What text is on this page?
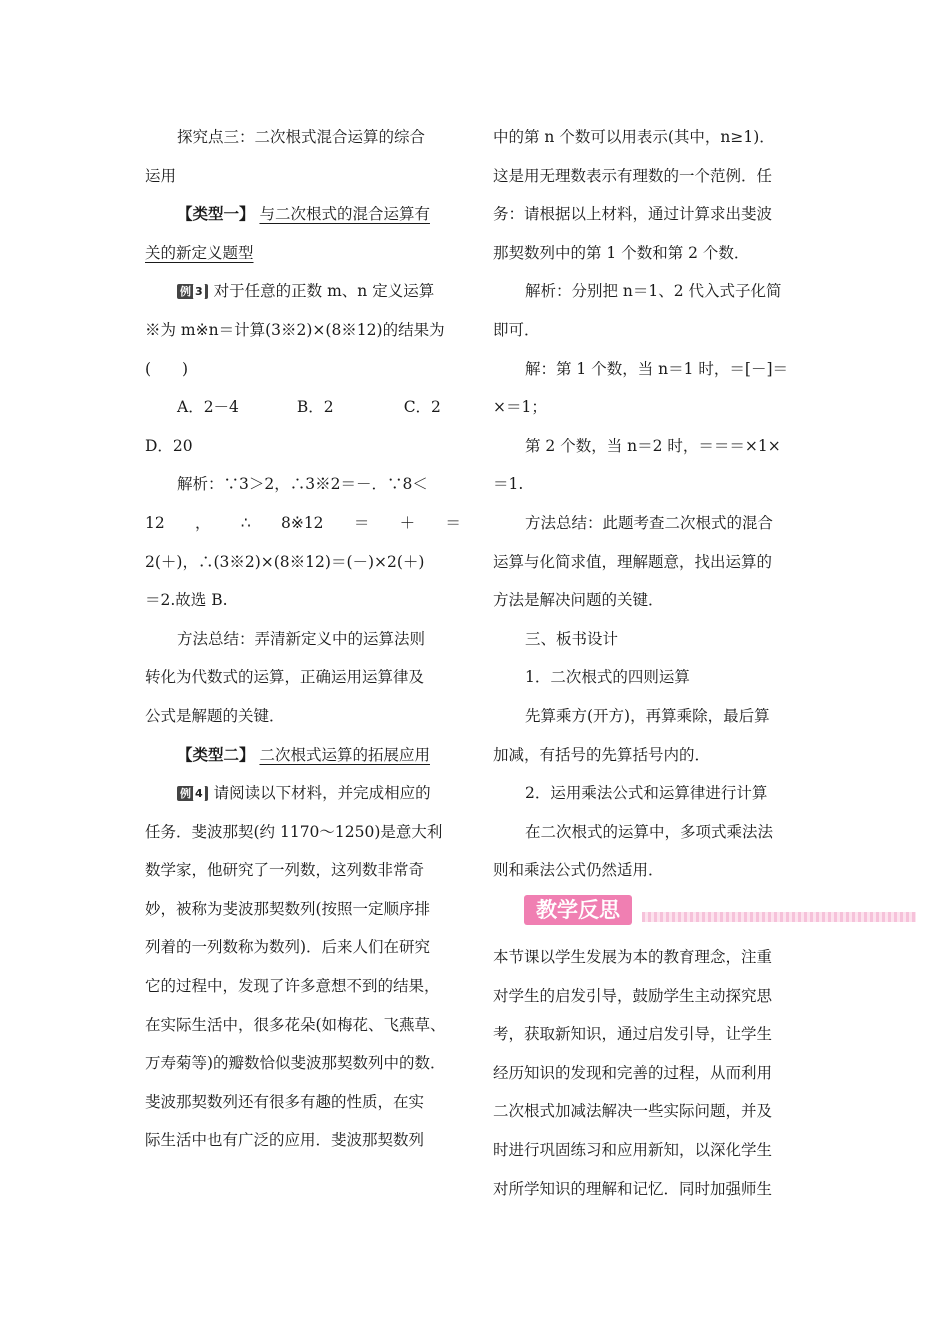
探究点三：二次根式混合运算的综合
运用
【类型一】 与二次根式的混合运算有
关的新定义题型
例 3 对于任意的正数 m、n 定义运算
※为 m※n＝计算(3※2)×(8※12)的结果为
(　　)
A．2－4	B．2	C．2
D．20
解析：∵3＞2，∴3※2＝－．∵8＜
12 ， ∴ 8※12 ＝ ＋ ＝
2(＋)，∴(3※2)×(8※12)＝(－)×2(＋)
＝2.故选 B.
方法总结：弄清新定义中的运算法则
转化为代数式的运算，正确运用运算律及
公式是解题的关键．
【类型二】 二次根式运算的拓展应用
例 4 请阅读以下材料，并完成相应的
任务．斐波那契(约 1170～1250)是意大利
数学家，他研究了一列数，这列数非常奇
妙，被称为斐波那契数列(按照一定顺序排
列着的一列数称为数列)．后来人们在研究
它的过程中，发现了许多意想不到的结果，
在实际生活中，很多花朵(如梅花、飞燕草、
万寿菊等)的瓣数恰似斐波那契数列中的数．
斐波那契数列还有很多有趣的性质，在实
际生活中也有广泛的应用．斐波那契数列
中的第 n 个数可以用表示(其中，n≥1)．
这是用无理数表示有理数的一个范例．任
务：请根据以上材料，通过计算求出斐波
那契数列中的第 1 个数和第 2 个数．
解析：分别把 n＝1、2 代入式子化简
即可．
解：第 1 个数，当 n＝1 时，＝[－]＝
×＝1；
第 2 个数，当 n＝2 时，＝＝＝×1×
＝1.
方法总结：此题考查二次根式的混合
运算与化简求值，理解题意，找出运算的
方法是解决问题的关键．
三、板书设计
1．二次根式的四则运算
先算乘方(开方)，再算乘除，最后算
加减，有括号的先算括号内的．
2．运用乘法公式和运算律进行计算
在二次根式的运算中，多项式乘法法
则和乘法公式仍然适用．
教学反思
本节课以学生发展为本的教育理念，注重
对学生的启发引导，鼓励学生主动探究思
考，获取新知识，通过启发引导，让学生
经历知识的发现和完善的过程，从而利用
二次根式加减法解决一些实际问题，并及
时进行巩固练习和应用新知，以深化学生
对所学知识的理解和记忆．同时加强师生
